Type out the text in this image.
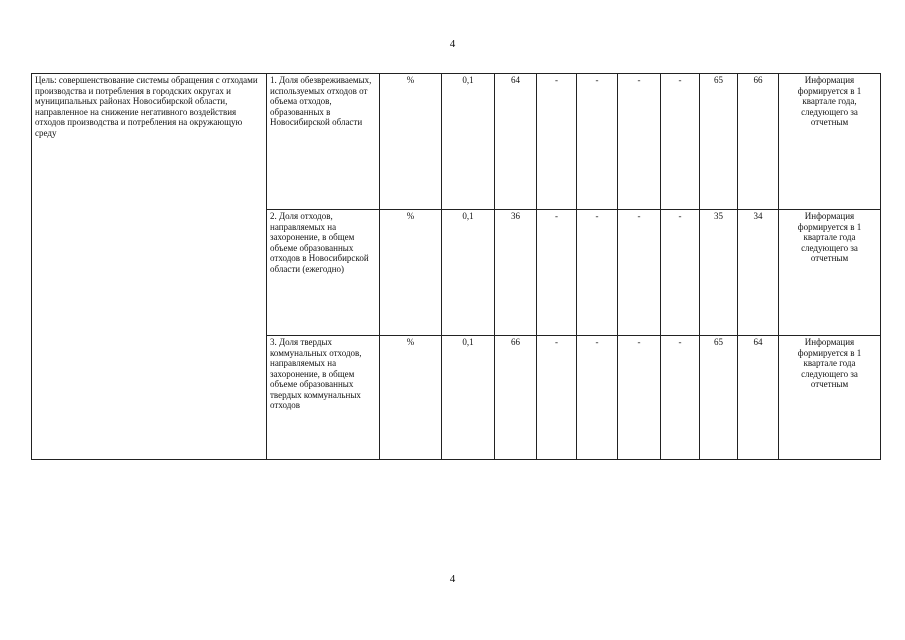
4
Цель: совершенствование системы обращения с отходами производства и потребления в городских округах и муниципальных районах Новосибирской области, направленное на снижение негативного воздействия отходов производства и потребления на окружающую среду	1. Доля обезвреживаемых, используемых отходов от объема отходов, образованных в Новосибирской области	%	0,1	64	-	-	-	-	65	66	Информация формируется в 1 квартале года, следующего за отчетным
	2. Доля отходов, направляемых на захоронение, в общем объеме образованных отходов в Новосибирской области (ежегодно)	%	0,1	36	-	-	-	-	35	34	Информация формируется в 1 квартале года следующего за отчетным
	3. Доля твердых коммунальных отходов, направляемых на захоронение, в общем объеме образованных твердых коммунальных отходов	%	0,1	66	-	-	-	-	65	64	Информация формируется в 1 квартале года следующего за отчетным
4
